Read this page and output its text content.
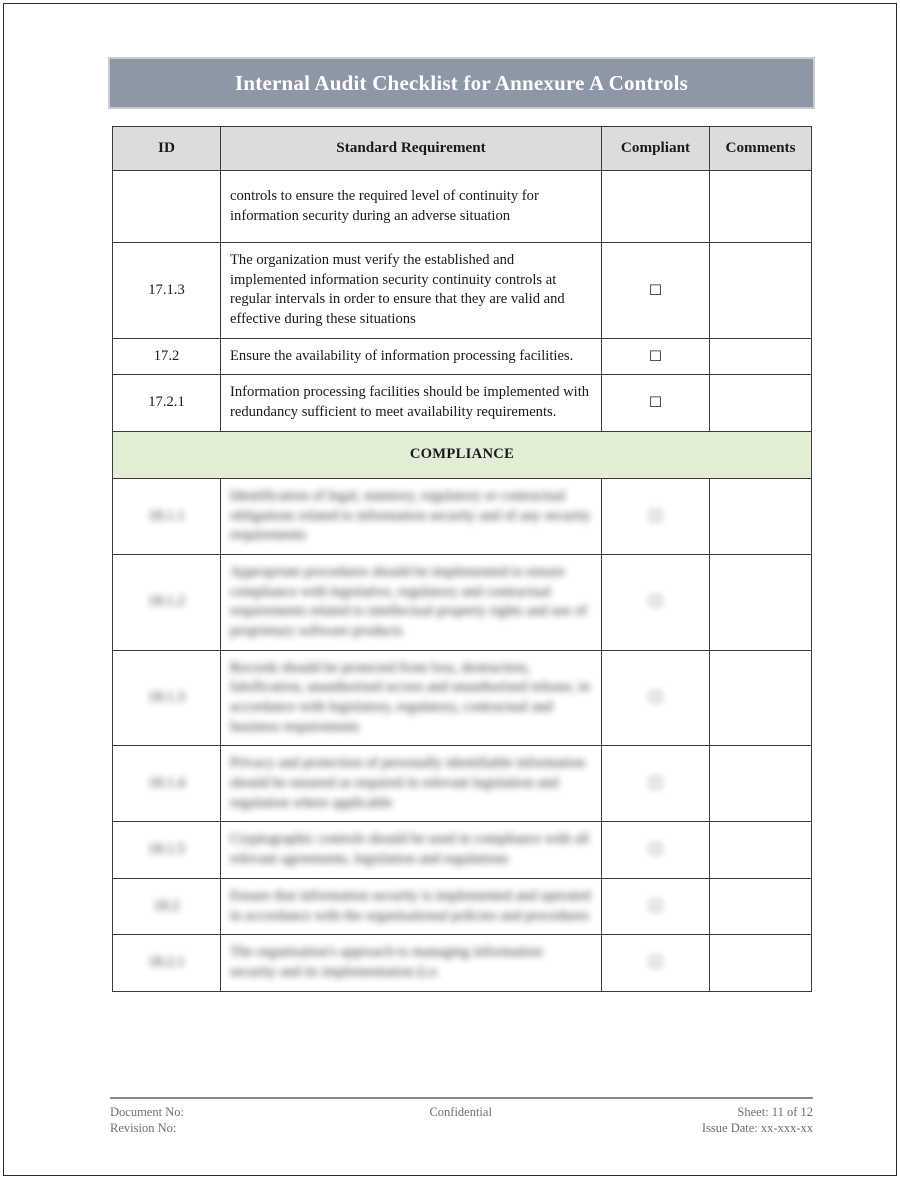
Internal Audit Checklist for Annexure A Controls
ID	Standard Requirement	Compliant	Comments
	controls to ensure the required level of continuity for information security during an adverse situation		
17.1.3	The organization must verify the established and implemented information security continuity controls at regular intervals in order to ensure that they are valid and effective during these situations	☐	
17.2	Ensure the availability of information processing facilities.	☐	
17.2.1	Information processing facilities should be implemented with redundancy sufficient to meet availability requirements.	☐	
COMPLIANCE			
18.1.1	Identification of legal, statutory, regulatory or contractual obligations related to information security and of any security requirements	☐	
18.1.2	Appropriate procedures should be implemented to ensure compliance with legislative, regulatory and contractual requirements related to intellectual property rights and use of proprietary software products	☐	
18.1.3	Records should be protected from loss, destruction, falsification, unauthorised access and unauthorised release, in accordance with legislatory, regulatory, contractual and business requirements	☐	
18.1.4	Privacy and protection of personally identifiable information should be ensured as required in relevant legislation and regulation where applicable	☐	
18.1.5	Cryptographic controls should be used in compliance with all relevant agreements, legislation and regulations	☐	
18.2	Ensure that information security is implemented and operated in accordance with the organisational policies and procedures	☐	
18.2.1	The organisation's approach to managing information security and its implementation (i.e.	☐	
Document No:	Confidential	Sheet: 11 of 12
Revision No:	Issue Date: xx-xxx-xx
